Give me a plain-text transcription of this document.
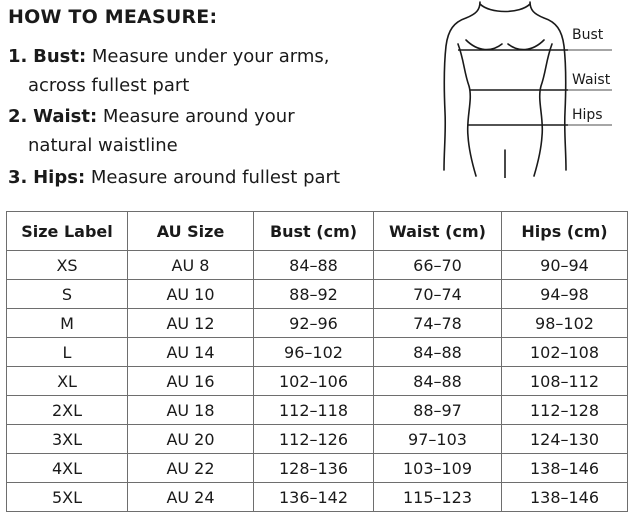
HOW TO MEASURE:
1. Bust: Measure under your arms,
across fullest part
2. Waist: Measure around your
natural waistline
3. Hips: Measure around fullest part
Bust
Waist
Hips
Size Label	AU Size	Bust (cm)	Waist (cm)	Hips (cm)
XS	AU 8	84–88	66–70	90–94
S	AU 10	88–92	70–74	94–98
M	AU 12	92–96	74–78	98–102
L	AU 14	96–102	84–88	102–108
XL	AU 16	102–106	84–88	108–112
2XL	AU 18	112–118	88–97	112–128
3XL	AU 20	112–126	97–103	124–130
4XL	AU 22	128–136	103–109	138–146
5XL	AU 24	136–142	115–123	138–146
